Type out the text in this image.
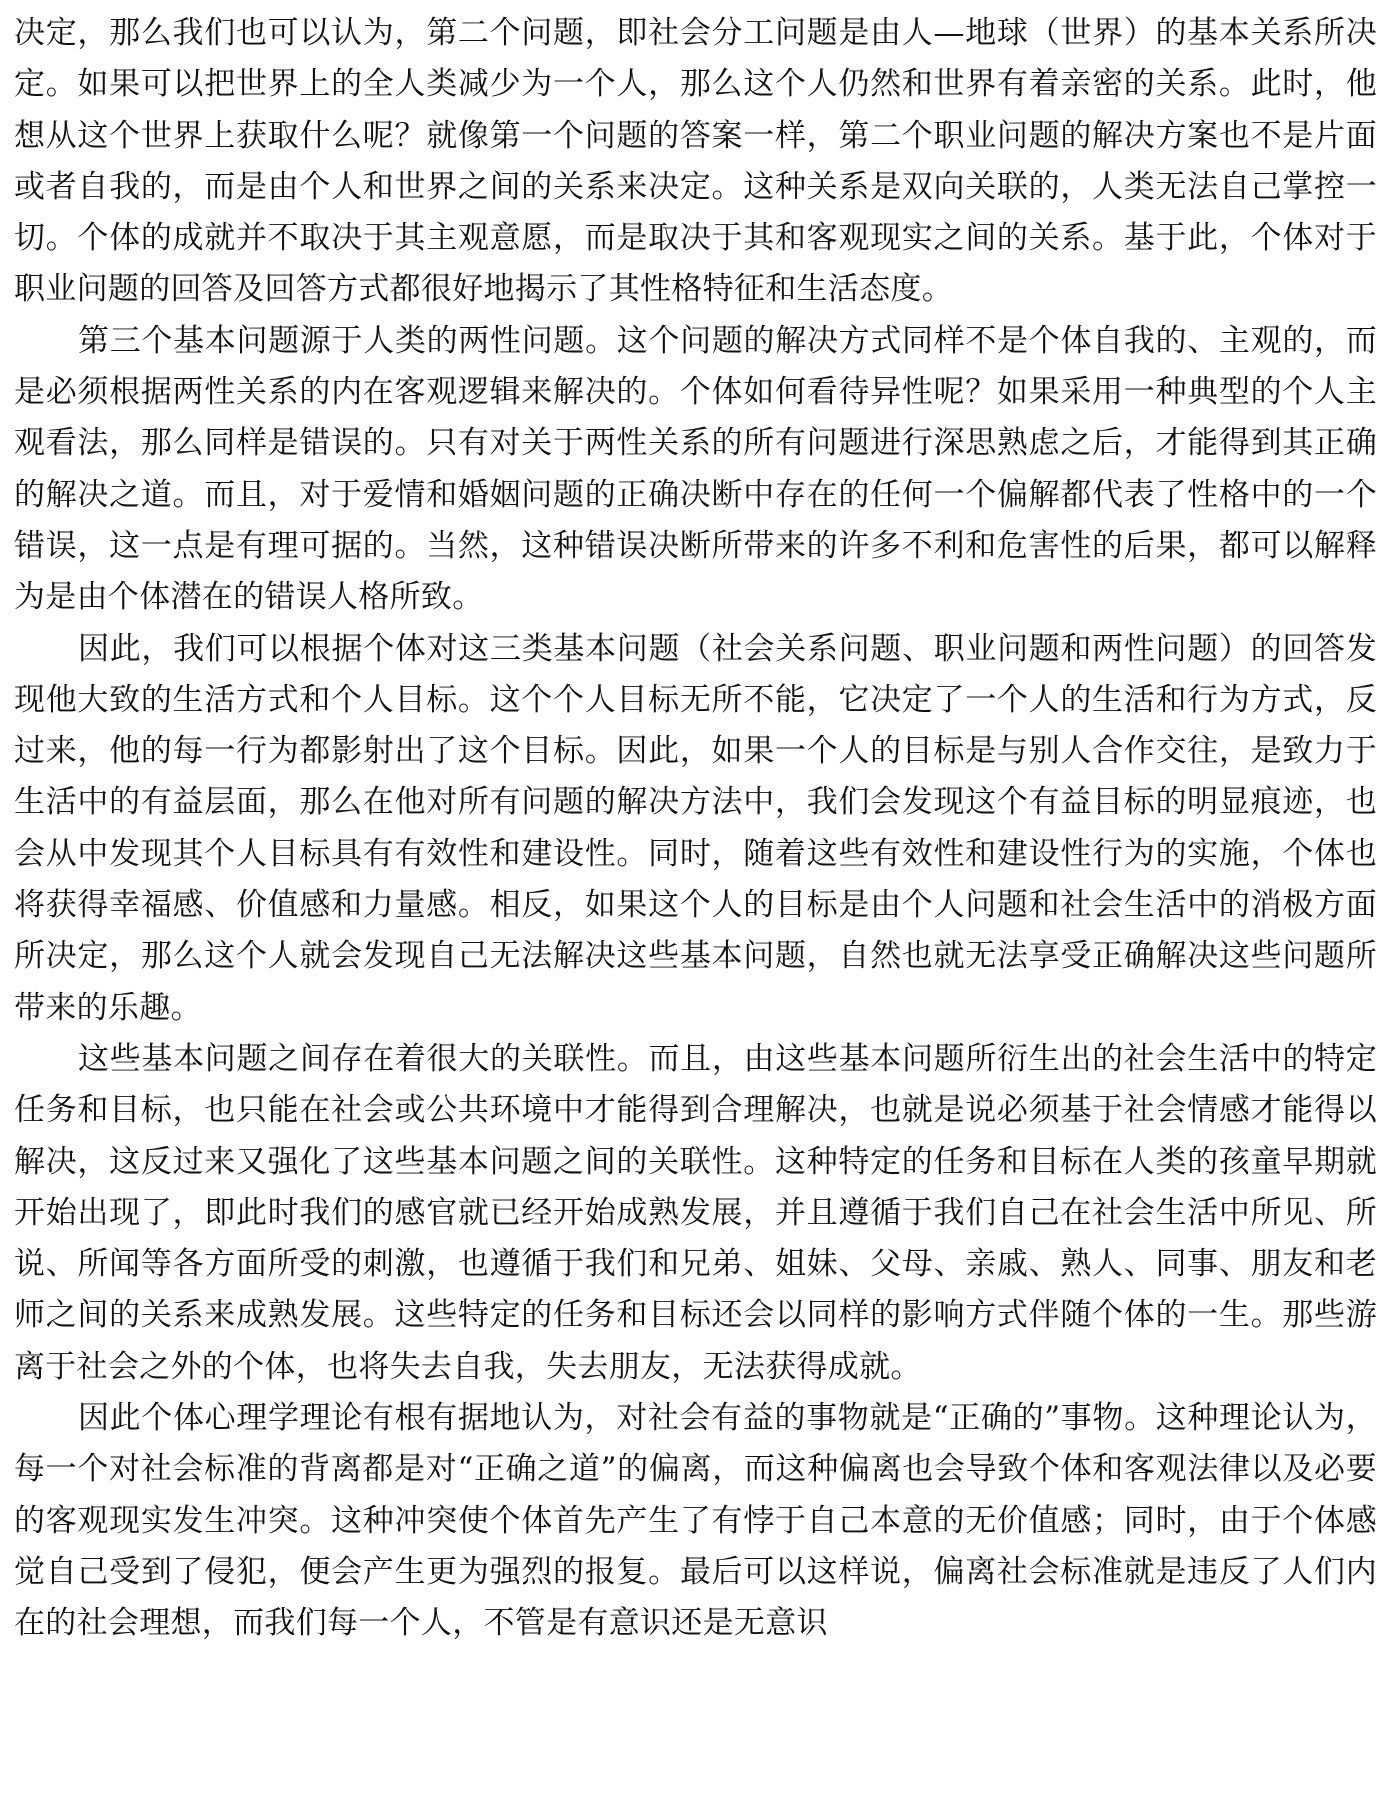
决定，那么我们也可以认为，第二个问题，即社会分工问题是由人—地球（世界）的基本关系所决定。如果可以把世界上的全人类减少为一个人，那么这个人仍然和世界有着亲密的关系。此时，他想从这个世界上获取什么呢？就像第一个问题的答案一样，第二个职业问题的解决方案也不是片面或者自我的，而是由个人和世界之间的关系来决定。这种关系是双向关联的，人类无法自己掌控一切。个体的成就并不取决于其主观意愿，而是取决于其和客观现实之间的关系。基于此，个体对于职业问题的回答及回答方式都很好地揭示了其性格特征和生活态度。

第三个基本问题源于人类的两性问题。这个问题的解决方式同样不是个体自我的、主观的，而是必须根据两性关系的内在客观逻辑来解决的。个体如何看待异性呢？如果采用一种典型的个人主观看法，那么同样是错误的。只有对关于两性关系的所有问题进行深思熟虑之后，才能得到其正确的解决之道。而且，对于爱情和婚姻问题的正确决断中存在的任何一个偏解都代表了性格中的一个错误，这一点是有理可据的。当然，这种错误决断所带来的许多不利和危害性的后果，都可以解释为是由个体潜在的错误人格所致。

因此，我们可以根据个体对这三类基本问题（社会关系问题、职业问题和两性问题）的回答发现他大致的生活方式和个人目标。这个个人目标无所不能，它决定了一个人的生活和行为方式，反过来，他的每一行为都影射出了这个目标。因此，如果一个人的目标是与别人合作交往，是致力于生活中的有益层面，那么在他对所有问题的解决方法中，我们会发现这个有益目标的明显痕迹，也会从中发现其个人目标具有有效性和建设性。同时，随着这些有效性和建设性行为的实施，个体也将获得幸福感、价值感和力量感。相反，如果这个人的目标是由个人问题和社会生活中的消极方面所决定，那么这个人就会发现自己无法解决这些基本问题，自然也就无法享受正确解决这些问题所带来的乐趣。

这些基本问题之间存在着很大的关联性。而且，由这些基本问题所衍生出的社会生活中的特定任务和目标，也只能在社会或公共环境中才能得到合理解决，也就是说必须基于社会情感才能得以解决，这反过来又强化了这些基本问题之间的关联性。这种特定的任务和目标在人类的孩童早期就开始出现了，即此时我们的感官就已经开始成熟发展，并且遵循于我们自己在社会生活中所见、所说、所闻等各方面所受的刺激，也遵循于我们和兄弟、姐妹、父母、亲戚、熟人、同事、朋友和老师之间的关系来成熟发展。这些特定的任务和目标还会以同样的影响方式伴随个体的一生。那些游离于社会之外的个体，也将失去自我，失去朋友，无法获得成就。

因此个体心理学理论有根有据地认为，对社会有益的事物就是“正确的”事物。这种理论认为，每一个对社会标准的背离都是对“正确之道”的偏离，而这种偏离也会导致个体和客观法律以及必要的客观现实发生冲突。这种冲突使个体首先产生了有悖于自己本意的无价值感；同时，由于个体感觉自己受到了侵犯，便会产生更为强烈的报复。最后可以这样说，偏离社会标准就是违反了人们内在的社会理想，而我们每一个人，不管是有意识还是无意识
